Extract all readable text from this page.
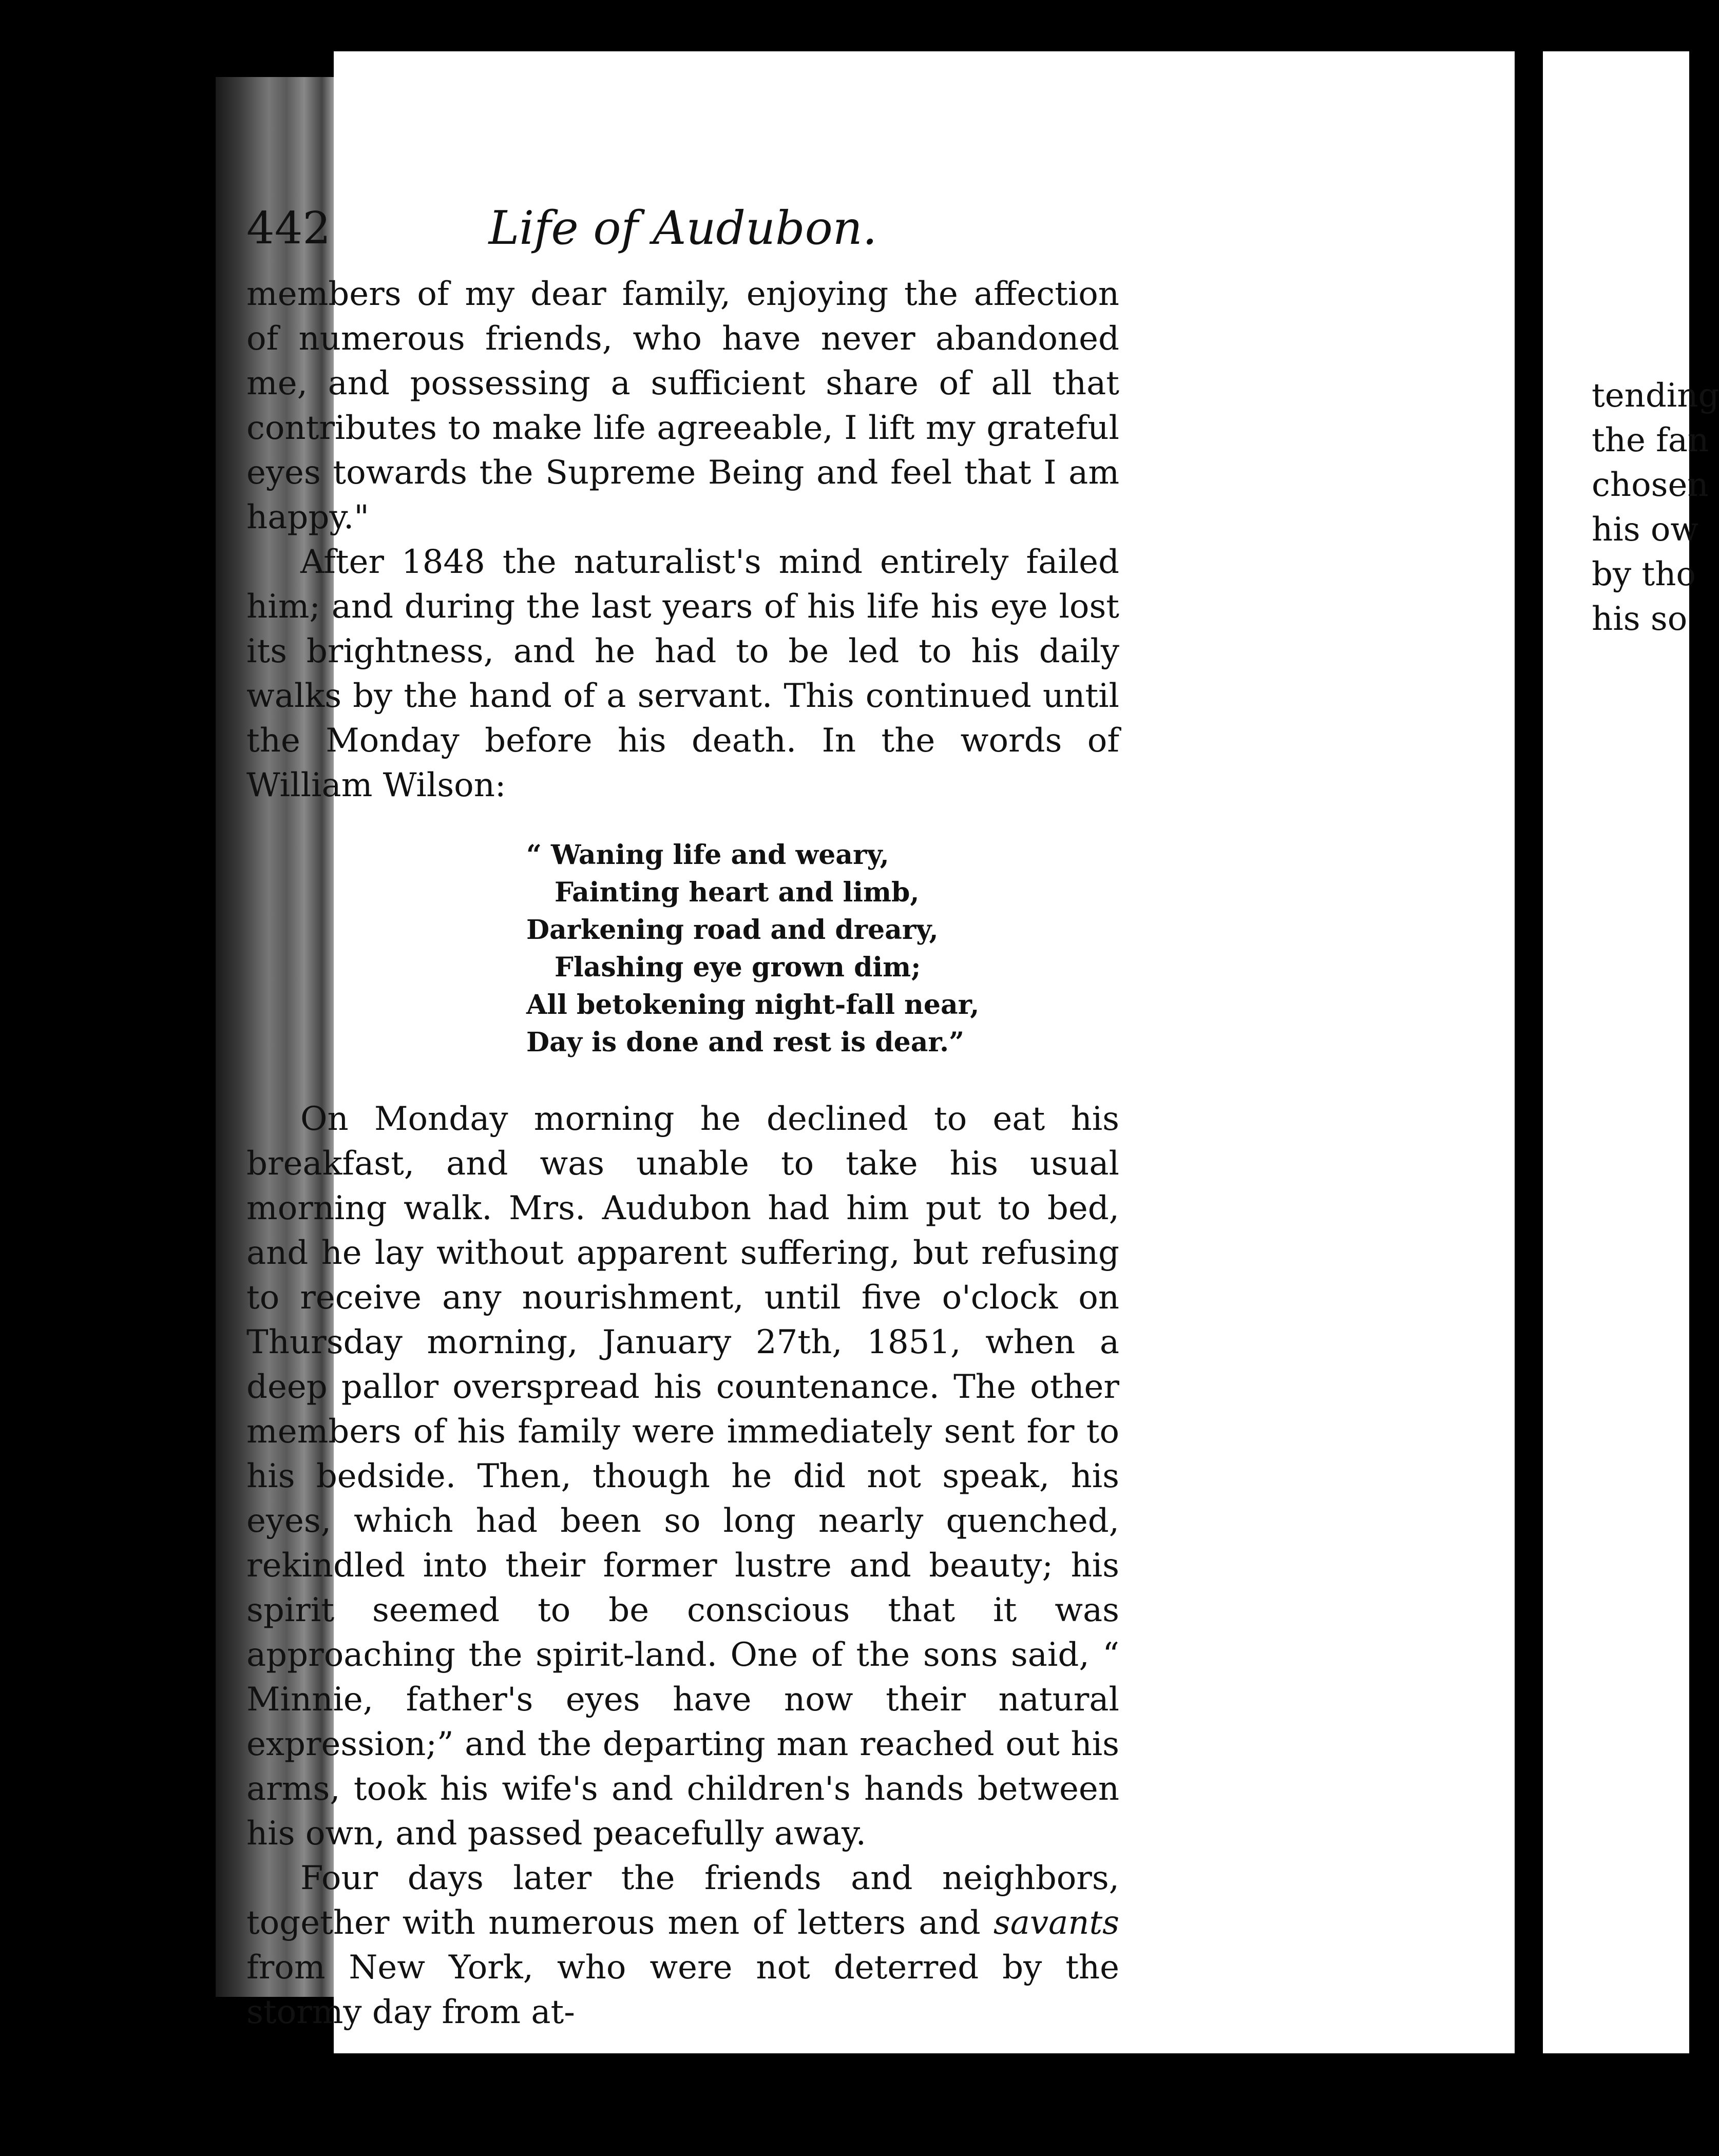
442	Life of Audubon.

members of my dear family, enjoying the affection of numerous friends, who have never abandoned me, and possessing a sufficient share of all that contributes to make life agreeable, I lift my grateful eyes towards the Supreme Being and feel that I am happy."

After 1848 the naturalist's mind entirely failed him; and during the last years of his life his eye lost its brightness, and he had to be led to his daily walks by the hand of a servant. This continued until the Monday before his death. In the words of William Wilson:

“ Waning life and weary,
Fainting heart and limb,
Darkening road and dreary,
Flashing eye grown dim;
All betokening night-fall near,
Day is done and rest is dear.”

On Monday morning he declined to eat his breakfast, and was unable to take his usual morning walk. Mrs. Audubon had him put to bed, and he lay without apparent suffering, but refusing to receive any nourishment, until five o'clock on Thursday morning, January 27th, 1851, when a deep pallor overspread his countenance. The other members of his family were immediately sent for to his bedside. Then, though he did not speak, his eyes, which had been so long nearly quenched, rekindled into their former lustre and beauty; his spirit seemed to be conscious that it was approaching the spirit-land. One of the sons said, “ Minnie, father's eyes have now their natural expression;” and the departing man reached out his arms, took his wife's and children's hands between his own, and passed peacefully away.

Four days later the friends and neighbors, together with numerous men of letters and savants from New York, who were not deterred by the stormy day from at-

tending
the fan
chosen
his ow
by tho
his so
